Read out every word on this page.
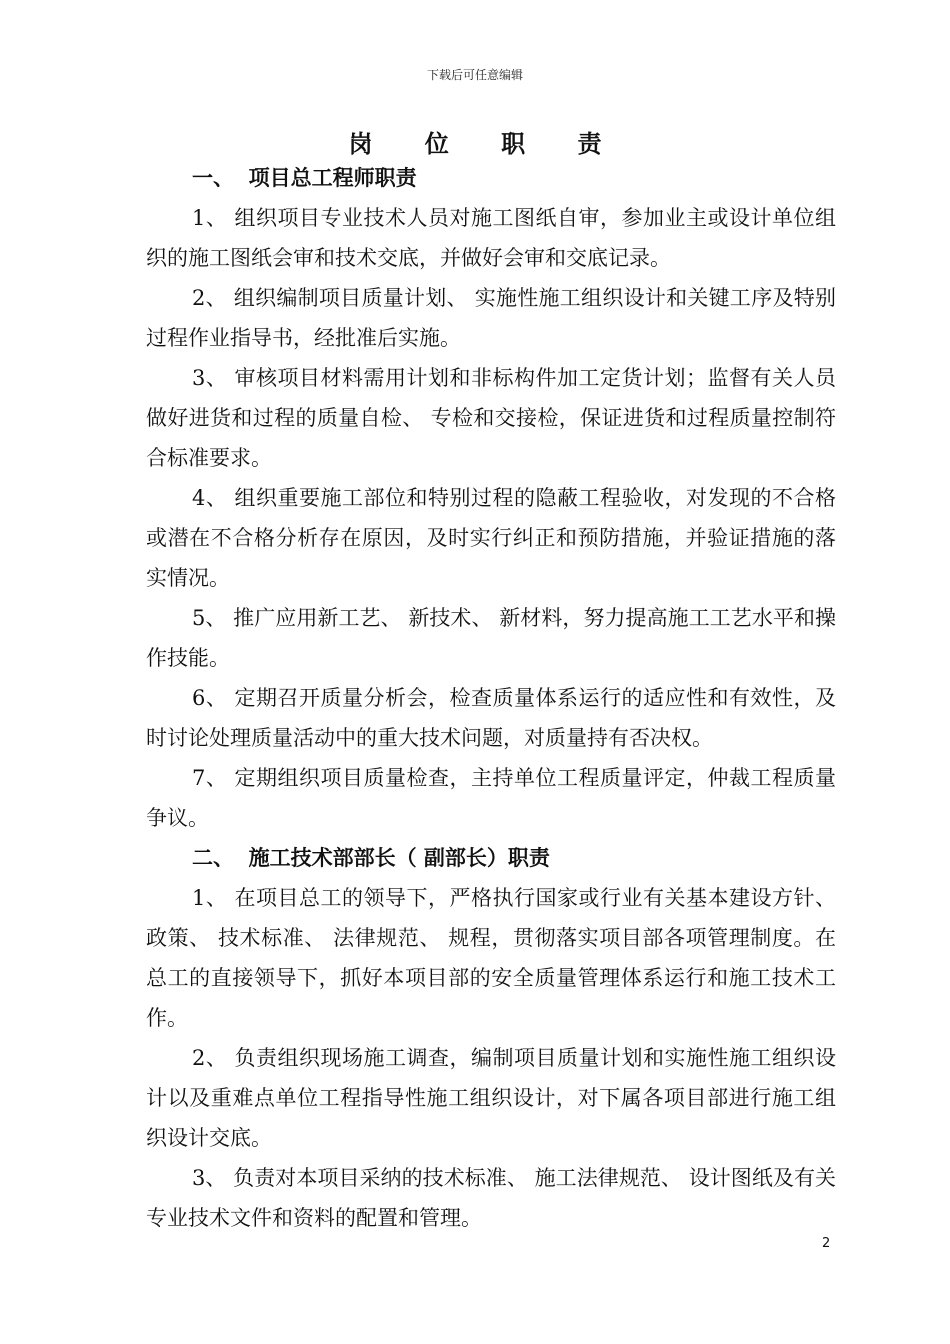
下载后可任意编辑
岗 位 职 责

一、  项目总工程师职责

1、 组织项目专业技术人员对施工图纸自审，参加业主或设计单位组织的施工图纸会审和技术交底，并做好会审和交底记录。

2、 组织编制项目质量计划、 实施性施工组织设计和关键工序及特别过程作业指导书，经批准后实施。

3、 审核项目材料需用计划和非标构件加工定货计划；监督有关人员做好进货和过程的质量自检、 专检和交接检，保证进货和过程质量控制符合标准要求。

4、 组织重要施工部位和特别过程的隐蔽工程验收，对发现的不合格或潜在不合格分析存在原因，及时实行纠正和预防措施，并验证措施的落实情况。

5、 推广应用新工艺、 新技术、 新材料，努力提高施工工艺水平和操作技能。

6、 定期召开质量分析会，检查质量体系运行的适应性和有效性，及时讨论处理质量活动中的重大技术问题，对质量持有否决权。

7、 定期组织项目质量检查，主持单位工程质量评定，仲裁工程质量争议。

二、  施工技术部部长（ 副部长）职责

1、 在项目总工的领导下，严格执行国家或行业有关基本建设方针、 政策、 技术标准、 法律规范、 规程，贯彻落实项目部各项管理制度。在总工的直接领导下，抓好本项目部的安全质量管理体系运行和施工技术工作。

2、 负责组织现场施工调查，编制项目质量计划和实施性施工组织设计以及重难点单位工程指导性施工组织设计，对下属各项目部进行施工组织设计交底。

3、 负责对本项目采纳的技术标准、 施工法律规范、 设计图纸及有关专业技术文件和资料的配置和管理。

2
